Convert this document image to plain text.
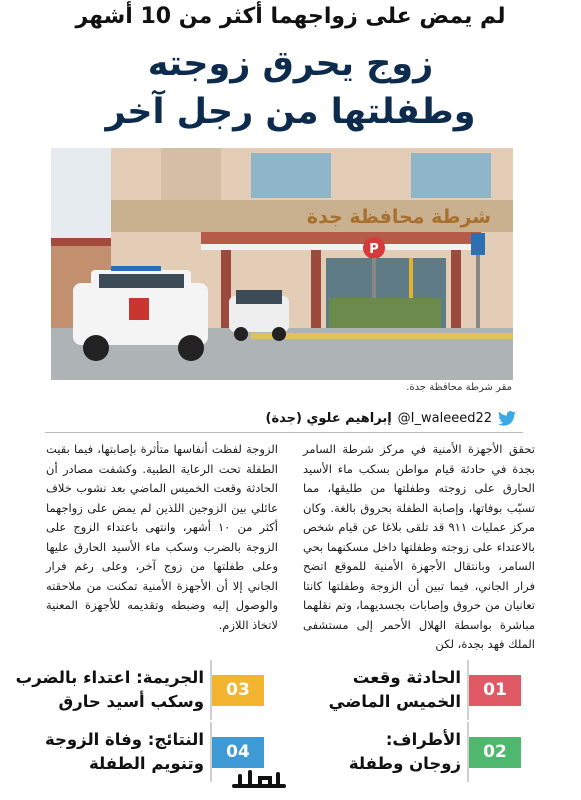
لم يمض على زواجهما أكثر من 10 أشهر
زوج يحرق زوجته
وطفلتها من رجل آخر
شرطة محافظة جدة
P
مقر شرطة محافظة جدة.
@I_waleeed22
إبراهيم علوي (جدة)
تحقق الأجهزة الأمنية في مركز شرطة السامر بجدة في حادثة قيام مواطن بسكب ماء الأسيد الحارق على زوجته وطفلتها من طليقها، مما تسبّب بوفاتها، وإصابة الطفلة بحروق بالغة. وكان مركز عمليات ٩١١ قد تلقى بلاغا عن قيام شخص بالاعتداء على زوجته وطفلتها داخل مسكنهما بحي السامر، وبانتقال الأجهزة الأمنية للموقع اتضح فرار الجاني، فيما تبين أن الزوجة وطفلتها كانتا تعانيان من حروق وإصابات بجسديهما، وتم نقلهما مباشرة بواسطة الهلال الأحمر إلى مستشفى الملك فهد بجدة، لكن
الزوجة لفظت أنفاسها متأثرة بإصابتها، فيما بقيت الطفلة تحت الرعاية الطبية. وكشفت مصادر أن الحادثة وقعت الخميس الماضي بعد نشوب خلاف عائلي بين الزوجين اللذين لم يمض على زواجهما أكثر من ١٠ أشهر، وانتهى باعتداء الزوج على الزوجة بالضرب وسكب ماء الأسيد الحارق عليها وعلى طفلتها من زوج آخر، وعلى رغم فرار الجاني إلا أن الأجهزة الأمنية تمكنت من ملاحقته والوصول إليه وضبطه وتقديمه للأجهزة المعنية لاتخاذ اللازم.
01
الحادثة وقعت
الخميس الماضي
02
الأطراف:
زوجان وطفلة
03
الجريمة: اعتداء بالضرب
وسكب أسيد حارق
04
النتائج: وفاة الزوجة
وتنويم الطفلة
